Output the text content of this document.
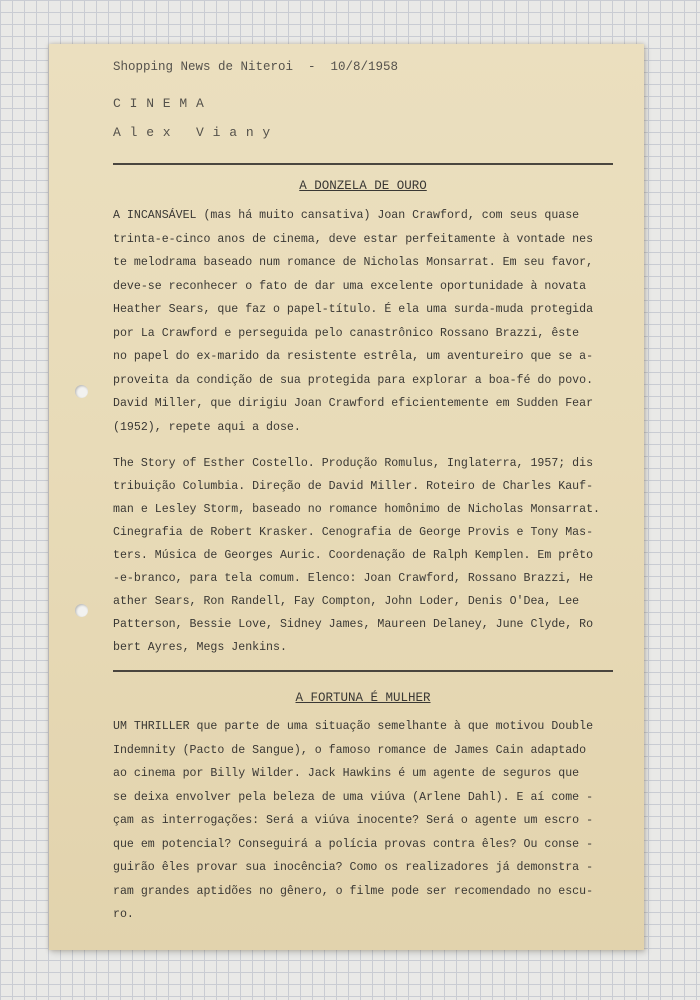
Shopping News de Niteroi  -  10/8/1958
C I N E M A
A l e x   V i a n y
A DONZELA DE OURO
A INCANSÁVEL (mas há muito cansativa) Joan Crawford, com seus quase
trinta-e-cinco anos de cinema, deve estar perfeitamente à vontade nes
te melodrama baseado num romance de Nicholas Monsarrat. Em seu favor,
deve-se reconhecer o fato de dar uma excelente oportunidade à novata
Heather Sears, que faz o papel-título. É ela uma surda-muda protegida
por La Crawford e perseguida pelo canastrônico Rossano Brazzi, êste
no papel do ex-marido da resistente estrêla, um aventureiro que se a-
proveita da condição de sua protegida para explorar a boa-fé do povo.
David Miller, que dirigiu Joan Crawford eficientemente em Sudden Fear
(1952), repete aqui a dose.
The Story of Esther Costello. Produção Romulus, Inglaterra, 1957; dis
tribuição Columbia. Direção de David Miller. Roteiro de Charles Kauf-
man e Lesley Storm, baseado no romance homônimo de Nicholas Monsarrat.
Cinegrafia de Robert Krasker. Cenografia de George Provis e Tony Mas-
ters. Música de Georges Auric. Coordenação de Ralph Kemplen. Em prêto
-e-branco, para tela comum. Elenco: Joan Crawford, Rossano Brazzi, He
ather Sears, Ron Randell, Fay Compton, John Loder, Denis O'Dea, Lee
Patterson, Bessie Love, Sidney James, Maureen Delaney, June Clyde, Ro
bert Ayres, Megs Jenkins.
A FORTUNA É MULHER
UM THRILLER que parte de uma situação semelhante à que motivou Double
Indemnity (Pacto de Sangue), o famoso romance de James Cain adaptado
ao cinema por Billy Wilder. Jack Hawkins é um agente de seguros que
se deixa envolver pela beleza de uma viúva (Arlene Dahl). E aí come -
çam as interrogações: Será a viúva inocente? Será o agente um escro -
que em potencial? Conseguirá a polícia provas contra êles? Ou conse -
guirão êles provar sua inocência? Como os realizadores já demonstra -
ram grandes aptidões no gênero, o filme pode ser recomendado no escu-
ro.
